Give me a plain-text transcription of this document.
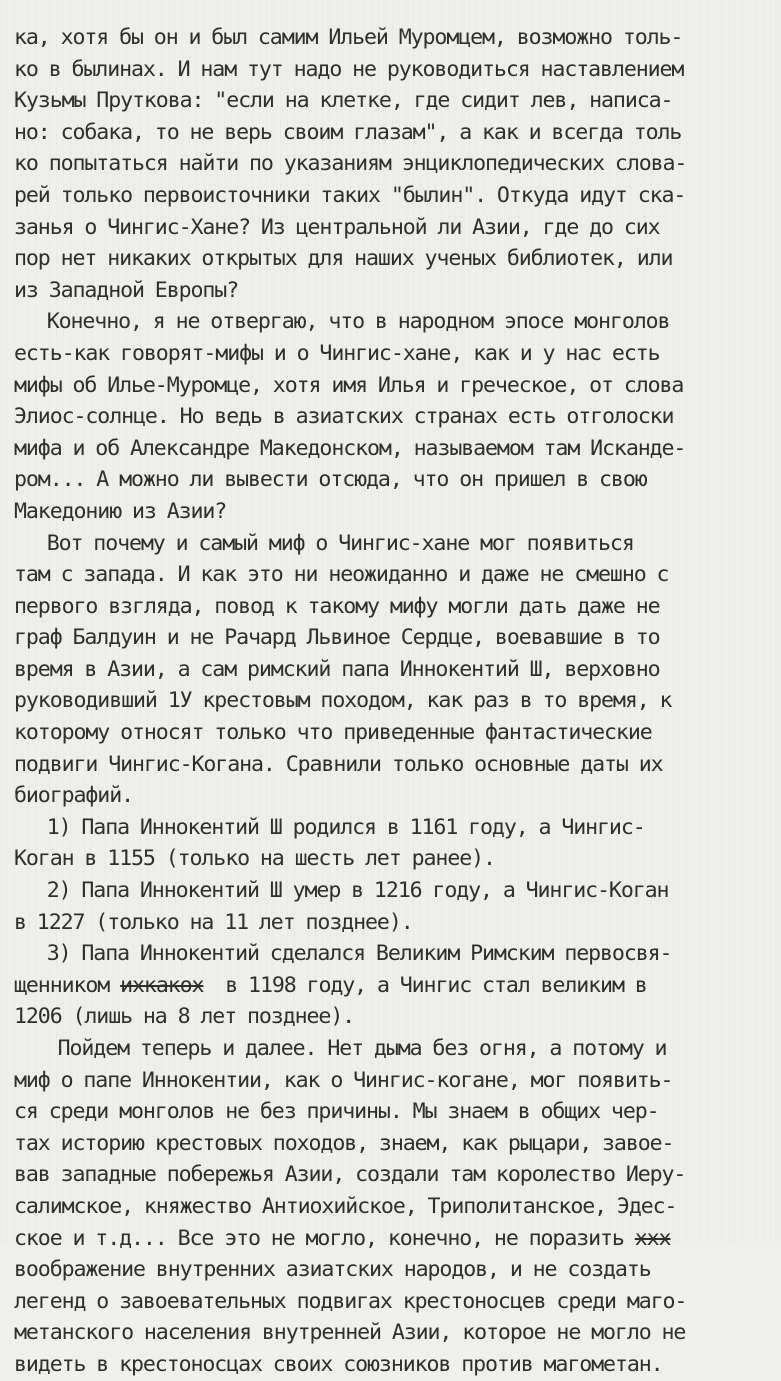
ка, хотя бы он и был самим Ильей Муромцем, возможно толь-
ко в былинах. И нам тут надо не руководиться наставлением
Кузьмы Пруткова: "если на клетке, где сидит лев, написа-
но: собака, то не верь своим глазам", а как и всегда толь
ко попытаться найти по указаниям энциклопедических слова-
рей только первоисточники таких "былин". Откуда идут ска-
занья о Чингис-Хане? Из центральной ли Азии, где до сих
пор нет никаких открытых для наших ученых библиотек, или
из Западной Европы?
Конечно, я не отвергаю, что в народном эпосе монголов
есть-как говорят-мифы и о Чингис-хане, как и у нас есть
мифы об Илье-Муромце, хотя имя Илья и греческое, от слова
Элиос-солнце. Но ведь в азиатских странах есть отголоски
мифа и об Александре Македонском, называемом там Искандe-
ром... А можно ли вывести отсюда, что он пришел в свою
Македонию из Азии?
Вот почему и самый миф о Чингис-хане мог появиться
там с запада. И как это ни неожиданно и даже не смешно с
первого взгляда, повод к такому мифу могли дать даже не
граф Балдуин и не Рачард Львиное Сердце, воевавшие в то
время в Азии, а сам римский папа Иннокентий Ш, верховно
руководивший 1У крестовым походом, как раз в то время, к
которому относят только что приведенные фантастические
подвиги Чингис-Когана. Сравнили только основные даты их
биографий.
1) Папа Иннокентий Ш родился в 1161 году, а Чингис-
Коган в 1155 (только на шесть лет ранее).
2) Папа Иннокентий Ш умер в 1216 году, а Чингис-Коган
в 1227 (только на 11 лет позднее).
3) Папа Иннокентий сделался Великим Римским первосвя-
щенником ихкакох  в 1198 году, а Чингис стал великим в
1206 (лишь на 8 лет позднее).
Пойдем теперь и далее. Нет дыма без огня, а потому и
миф о папе Иннокентии, как о Чингис-когане, мог появить-
ся среди монголов не без причины. Мы знаем в общих чер-
тах историю крестовых походов, знаем, как рыцари, завое-
вав западные побережья Азии, создали там королество Иеру-
салимское, княжество Антиохийское, Триполитанское, Эдес-
ское и т.д... Все это не могло, конечно, не поразить ххх
воображение внутренних азиатских народов, и не создать
легенд о завоевательных подвигах крестоносцев среди маго-
метанского населения внутренней Азии, которое не могло не
видеть в крестоносцах своих союзников против магометан.
